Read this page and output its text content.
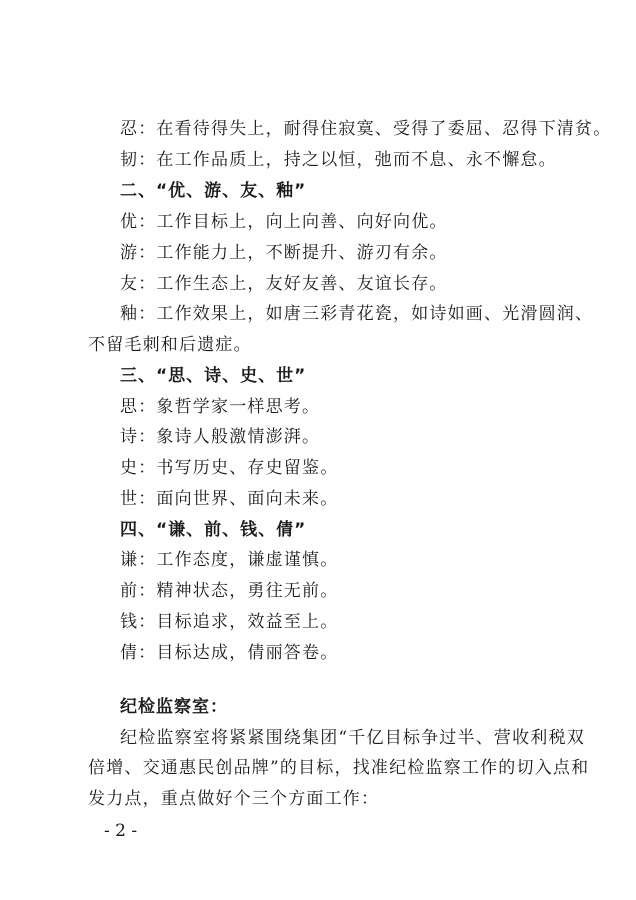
忍：在看待得失上，耐得住寂寞、受得了委屈、忍得下清贫。
韧：在工作品质上，持之以恒，弛而不息、永不懈怠。
二、“优、游、友、釉”
优：工作目标上，向上向善、向好向优。
游：工作能力上，不断提升、游刃有余。
友：工作生态上，友好友善、友谊长存。
釉：工作效果上，如唐三彩青花瓷，如诗如画、光滑圆润、
不留毛刺和后遗症。
三、“思、诗、史、世”
思：象哲学家一样思考。
诗：象诗人般激情澎湃。
史：书写历史、存史留鉴。
世：面向世界、面向未来。
四、“谦、前、钱、倩”
谦：工作态度，谦虚谨慎。
前：精神状态，勇往无前。
钱：目标追求，效益至上。
倩：目标达成，倩丽答卷。
纪检监察室：
纪检监察室将紧紧围绕集团“千亿目标争过半、营收利税双
倍增、交通惠民创品牌”的目标，找准纪检监察工作的切入点和
发力点，重点做好个三个方面工作：
- 2 -
